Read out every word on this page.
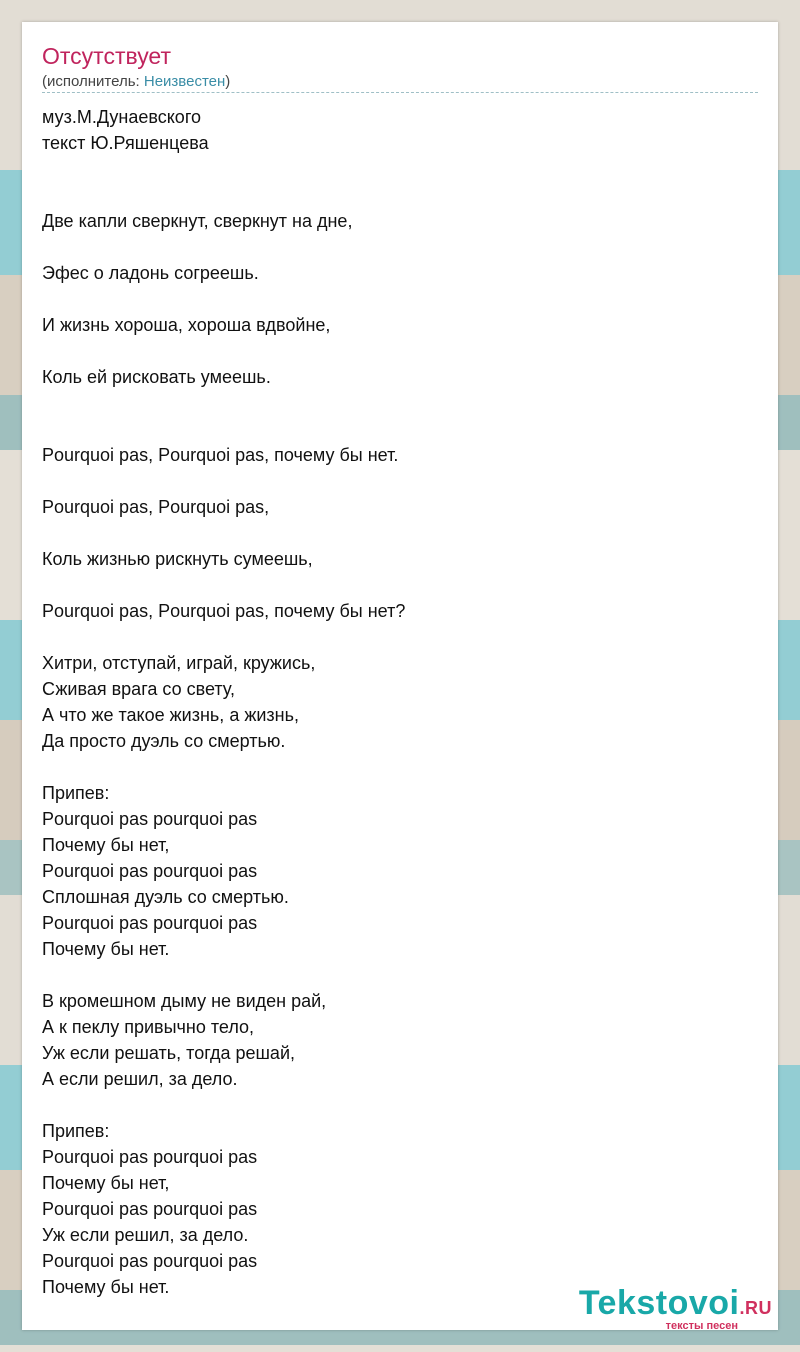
Отсутствует
(исполнитель: Неизвестен)
муз.М.Дунаевского
текст Ю.Ряшенцева
Две капли сверкнут, сверкнут на дне,
Эфес о ладонь согреешь.
И жизнь хороша, хороша вдвойне,
Коль ей рисковать умеешь.
Pourquoi pas, Pourquoi pas, почему бы нет.
Pourquoi pas, Pourquoi pas,
Коль жизнью рискнуть сумеешь,
Pourquoi pas, Pourquoi pas, почему бы нет?
Хитри, отступай, играй, кружись,
Сживая врага со свету,
А что же такое жизнь, а жизнь,
Да просто дуэль со смертью.
Припев:
Pourquoi pas pourquoi pas
Почему бы нет,
Pourquoi pas pourquoi pas
Сплошная дуэль со смертью.
Pourquoi pas pourquoi pas
Почему бы нет.
В кромешном дыму не виден рай,
А к пеклу привычно тело,
Уж если решать, тогда решай,
А если решил, за дело.
Припев:
Pourquoi pas pourquoi pas
Почему бы нет,
Pourquoi pas pourquoi pas
Уж если решил, за дело.
Pourquoi pas pourquoi pas
Почему бы нет.	Tekstovoi.RU
тексты песен
